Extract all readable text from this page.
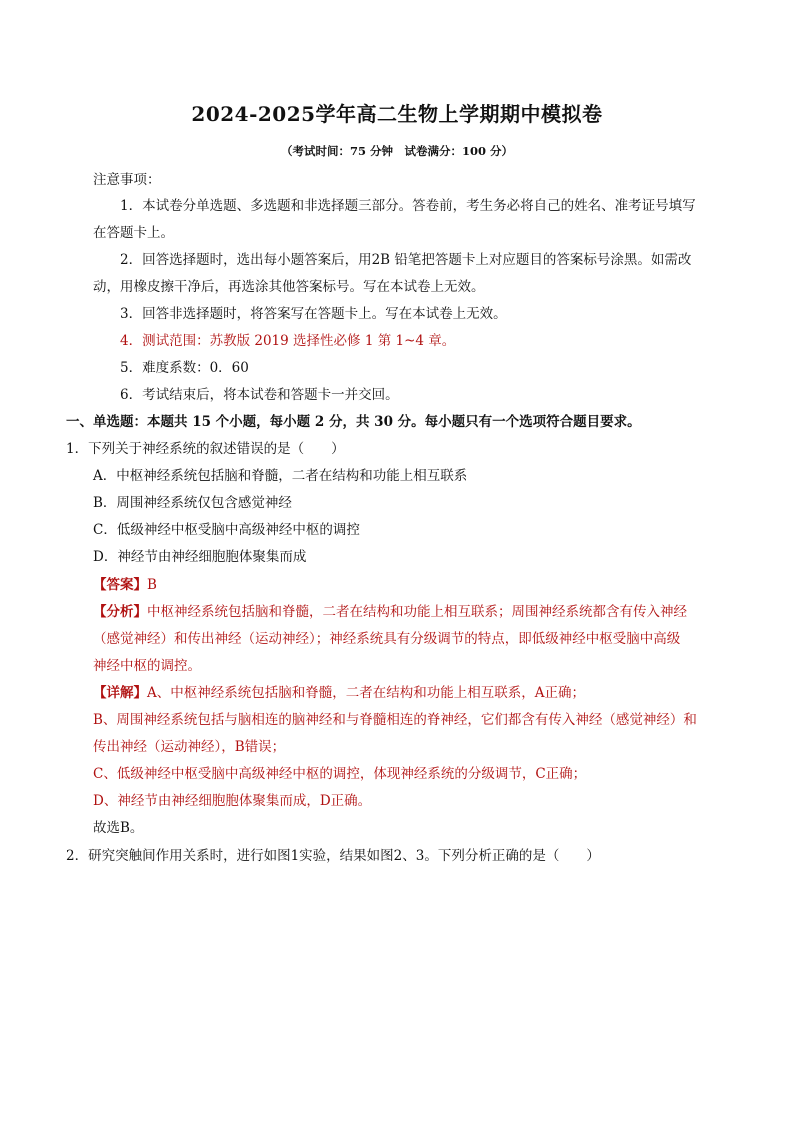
2024-2025学年高二生物上学期期中模拟卷
（考试时间：75 分钟　试卷满分：100 分）
注意事项：
1．本试卷分单选题、多选题和非选择题三部分。答卷前，考生务必将自己的姓名、准考证号填写
在答题卡上。
2．回答选择题时，选出每小题答案后，用2B 铅笔把答题卡上对应题目的答案标号涂黑。如需改
动，用橡皮擦干净后，再选涂其他答案标号。写在本试卷上无效。
3．回答非选择题时，将答案写在答题卡上。写在本试卷上无效。
4．测试范围：苏教版 2019 选择性必修 1 第 1~4 章。
5．难度系数：0．60
6．考试结束后，将本试卷和答题卡一并交回。
一、单选题：本题共 15 个小题，每小题 2 分，共 30 分。每小题只有一个选项符合题目要求。
1．下列关于神经系统的叙述错误的是（　　）
A．中枢神经系统包括脑和脊髓，二者在结构和功能上相互联系
B．周围神经系统仅包含感觉神经
C．低级神经中枢受脑中高级神经中枢的调控
D．神经节由神经细胞胞体聚集而成
【答案】B
【分析】中枢神经系统包括脑和脊髓，二者在结构和功能上相互联系；周围神经系统都含有传入神经
（感觉神经）和传出神经（运动神经）；神经系统具有分级调节的特点，即低级神经中枢受脑中高级
神经中枢的调控。
【详解】A、中枢神经系统包括脑和脊髓，二者在结构和功能上相互联系，A正确；
B、周围神经系统包括与脑相连的脑神经和与脊髓相连的脊神经，它们都含有传入神经（感觉神经）和
传出神经（运动神经），B错误；
C、低级神经中枢受脑中高级神经中枢的调控，体现神经系统的分级调节，C正确；
D、神经节由神经细胞胞体聚集而成，D正确。
故选B。
2．研究突触间作用关系时，进行如图1实验，结果如图2、3。下列分析正确的是（　　）
